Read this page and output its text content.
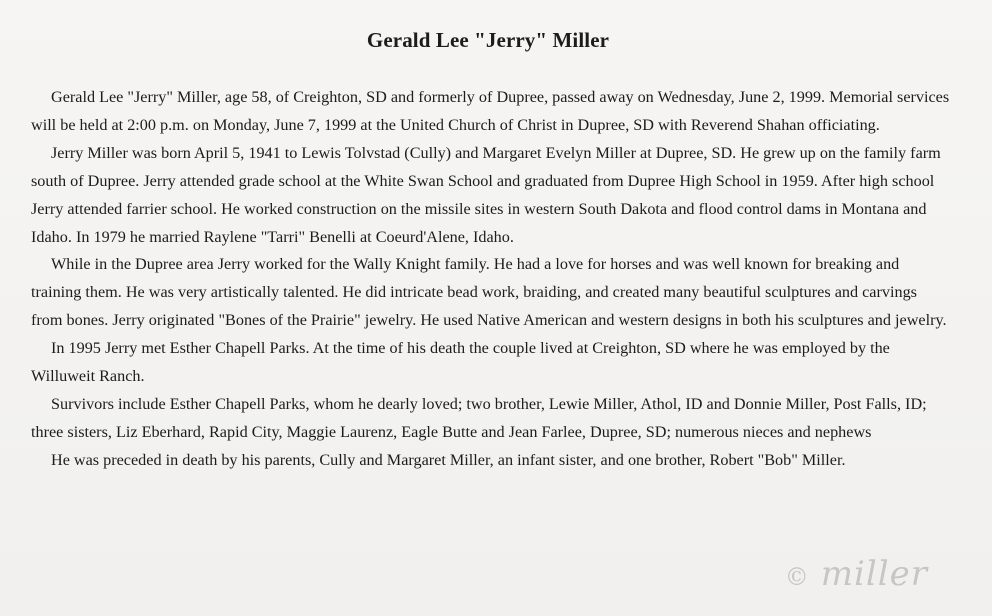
Gerald Lee "Jerry" Miller

Gerald Lee "Jerry" Miller, age 58, of Creighton, SD and formerly of Dupree, passed away on Wednesday, June 2, 1999. Memorial services will be held at 2:00 p.m. on Monday, June 7, 1999 at the United Church of Christ in Dupree, SD with Reverend Shahan officiating.

Jerry Miller was born April 5, 1941 to Lewis Tolvstad (Cully) and Margaret Evelyn Miller at Dupree, SD. He grew up on the family farm south of Dupree. Jerry attended grade school at the White Swan School and graduated from Dupree High School in 1959. After high school Jerry attended farrier school. He worked construction on the missile sites in western South Dakota and flood control dams in Montana and Idaho. In 1979 he married Raylene "Tarri" Benelli at Coeurd'Alene, Idaho.

While in the Dupree area Jerry worked for the Wally Knight family. He had a love for horses and was well known for breaking and training them. He was very artistically talented. He did intricate bead work, braiding, and created many beautiful sculptures and carvings from bones. Jerry originated "Bones of the Prairie" jewelry. He used Native American and western designs in both his sculptures and jewelry.

In 1995 Jerry met Esther Chapell Parks. At the time of his death the couple lived at Creighton, SD where he was employed by the Willuweit Ranch.

Survivors include Esther Chapell Parks, whom he dearly loved; two brother, Lewie Miller, Athol, ID and Donnie Miller, Post Falls, ID; three sisters, Liz Eberhard, Rapid City, Maggie Laurenz, Eagle Butte and Jean Farlee, Dupree, SD; numerous nieces and nephews

He was preceded in death by his parents, Cully and Margaret Miller, an infant sister, and one brother, Robert "Bob" Miller.

© miller
